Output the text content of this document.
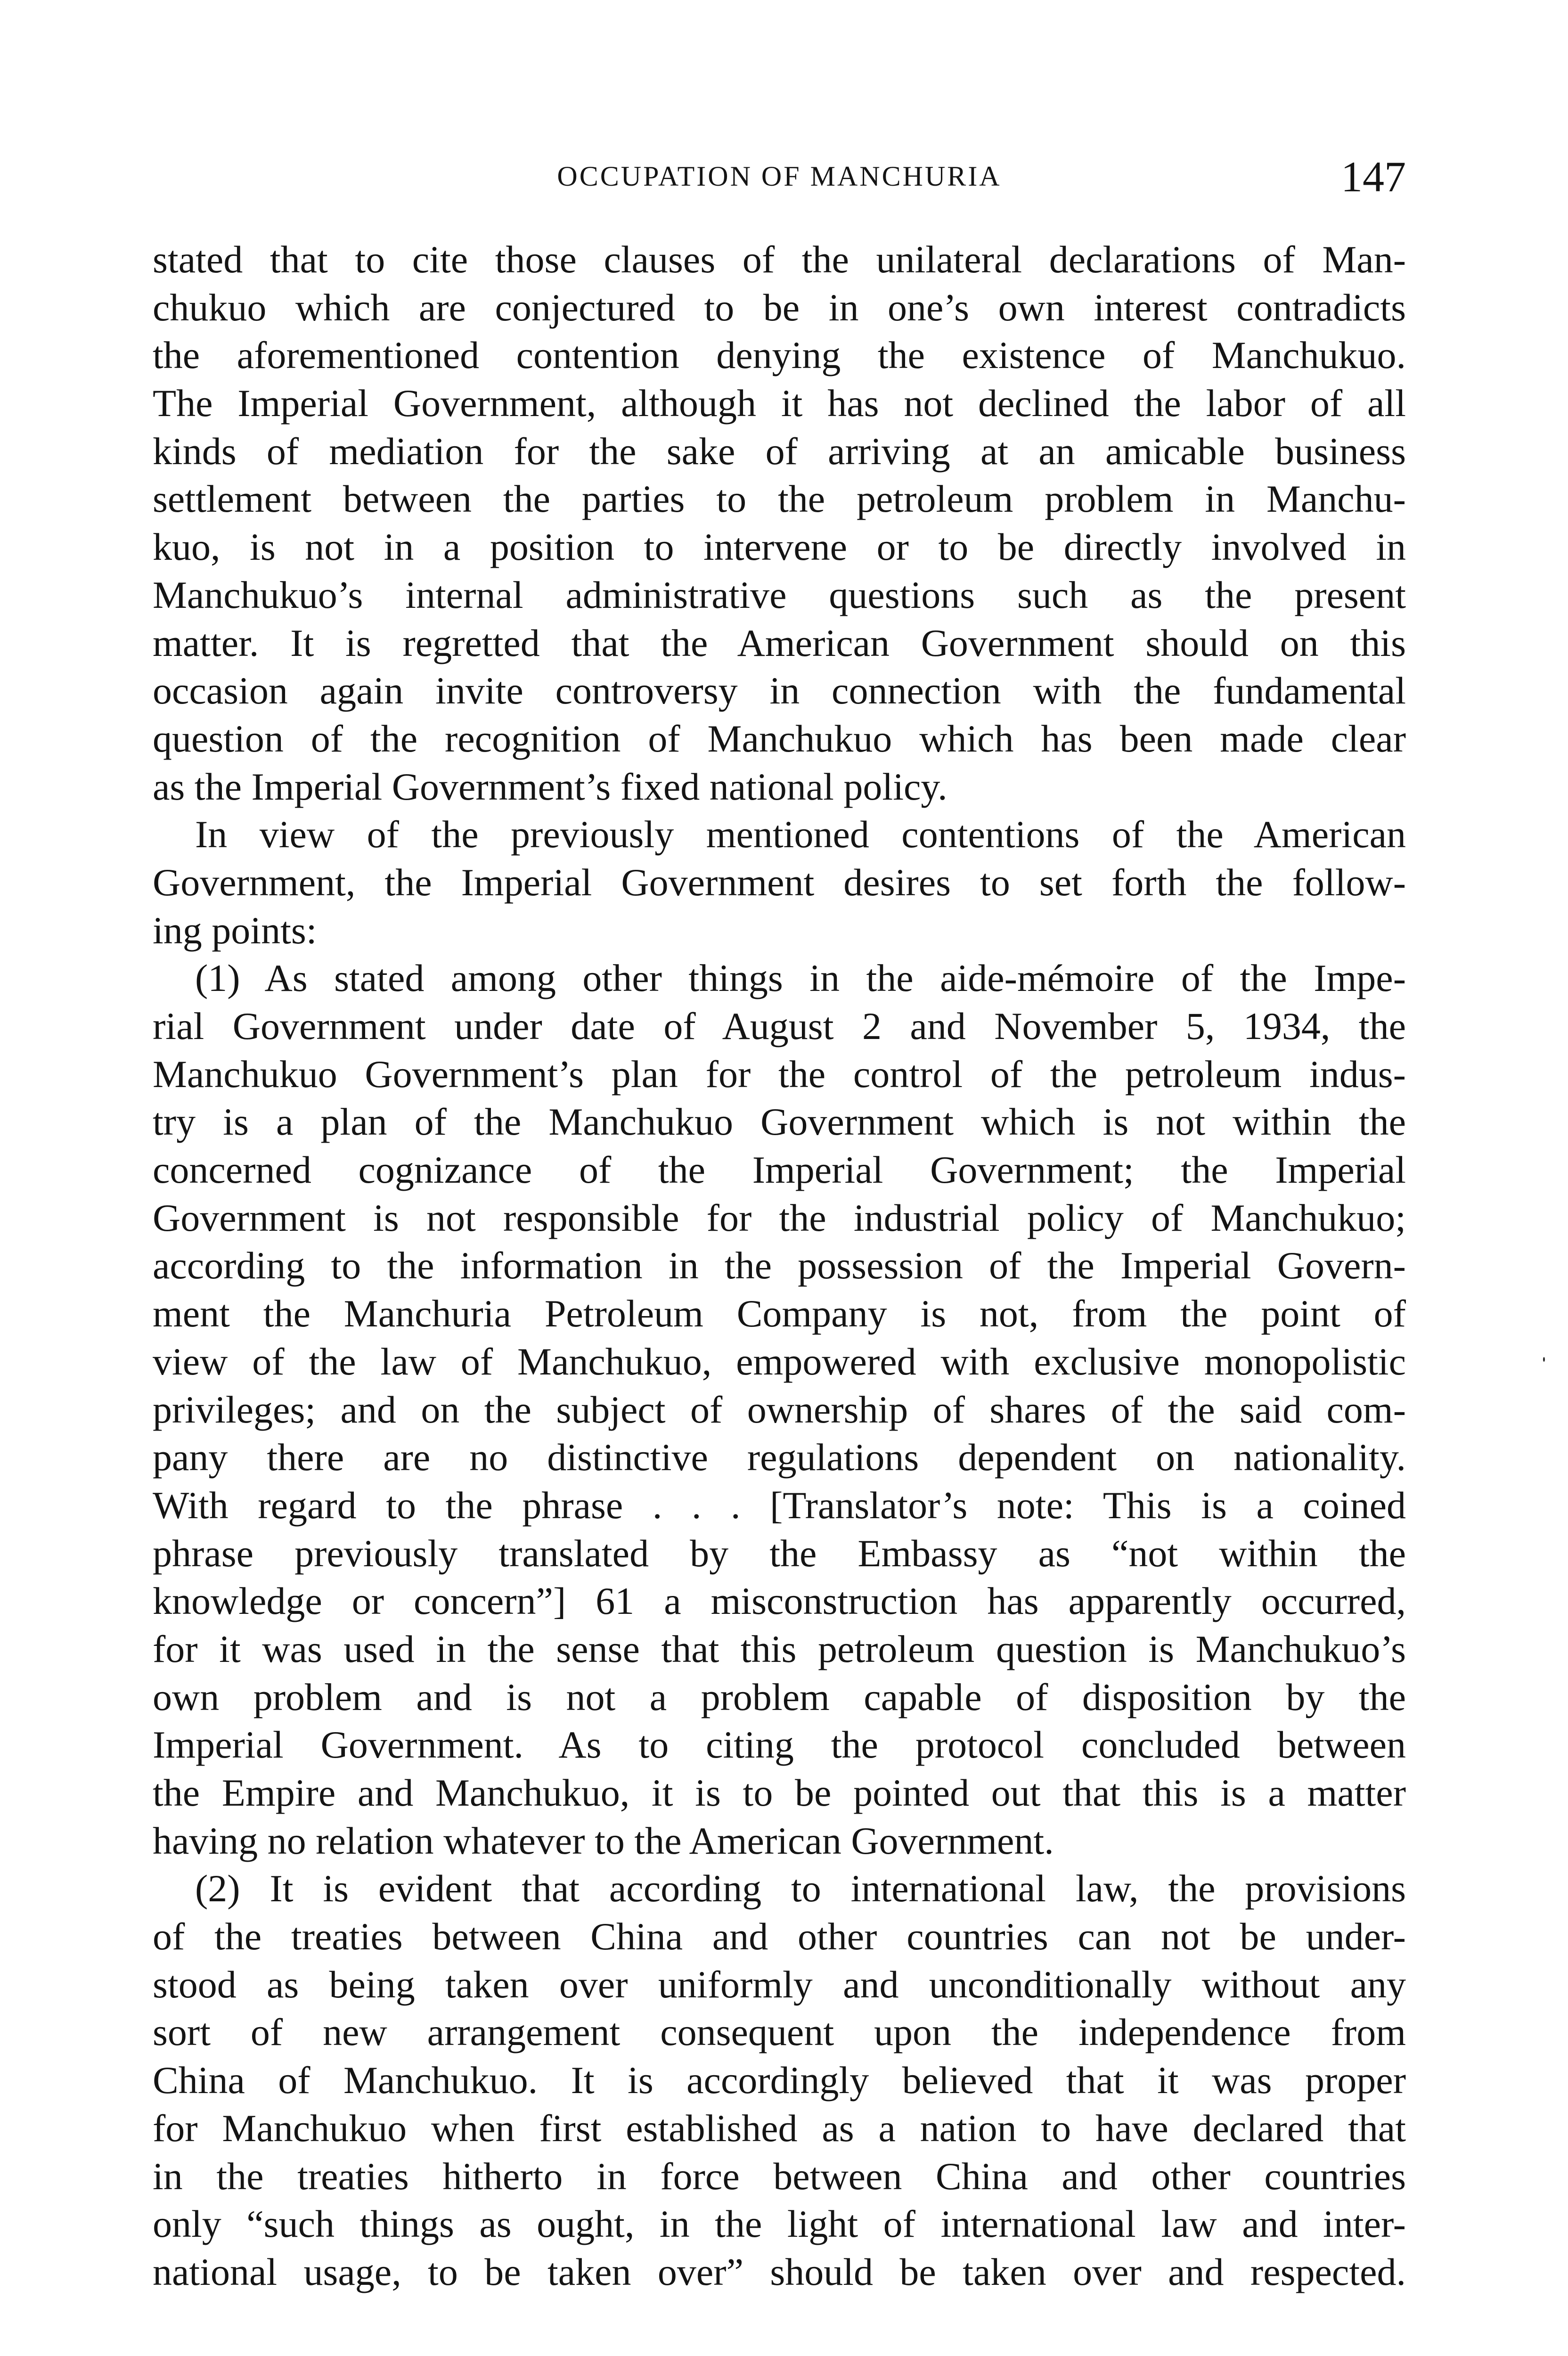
OCCUPATION OF MANCHURIA	147
stated that to cite those clauses of the unilateral declarations of Man-
chukuo which are conjectured to be in one’s own interest contradicts
the aforementioned contention denying the existence of Manchukuo.
The Imperial Government, although it has not declined the labor of all
kinds of mediation for the sake of arriving at an amicable business
settlement between the parties to the petroleum problem in Manchu-
kuo, is not in a position to intervene or to be directly involved in
Manchukuo’s internal administrative questions such as the present
matter. It is regretted that the American Government should on this
occasion again invite controversy in connection with the fundamental
question of the recognition of Manchukuo which has been made clear
as the Imperial Government’s fixed national policy.
In view of the previously mentioned contentions of the American
Government, the Imperial Government desires to set forth the follow-
ing points:
(1) As stated among other things in the aide-mémoire of the Impe-
rial Government under date of August 2 and November 5, 1934, the
Manchukuo Government’s plan for the control of the petroleum indus-
try is a plan of the Manchukuo Government which is not within the
concerned cognizance of the Imperial Government; the Imperial
Government is not responsible for the industrial policy of Manchukuo;
according to the information in the possession of the Imperial Govern-
ment the Manchuria Petroleum Company is not, from the point of
view of the law of Manchukuo, empowered with exclusive monopolistic
privileges; and on the subject of ownership of shares of the said com-
pany there are no distinctive regulations dependent on nationality.
With regard to the phrase . . . [Translator’s note: This is a coined
phrase previously translated by the Embassy as “not within the
knowledge or concern”] 61 a misconstruction has apparently occurred,
for it was used in the sense that this petroleum question is Manchukuo’s
own problem and is not a problem capable of disposition by the
Imperial Government. As to citing the protocol concluded between
the Empire and Manchukuo, it is to be pointed out that this is a matter
having no relation whatever to the American Government.
(2) It is evident that according to international law, the provisions
of the treaties between China and other countries can not be under-
stood as being taken over uniformly and unconditionally without any
sort of new arrangement consequent upon the independence from
China of Manchukuo. It is accordingly believed that it was proper
for Manchukuo when first established as a nation to have declared that
in the treaties hitherto in force between China and other countries
only “such things as ought, in the light of international law and inter-
national usage, to be taken over” should be taken over and respected.
